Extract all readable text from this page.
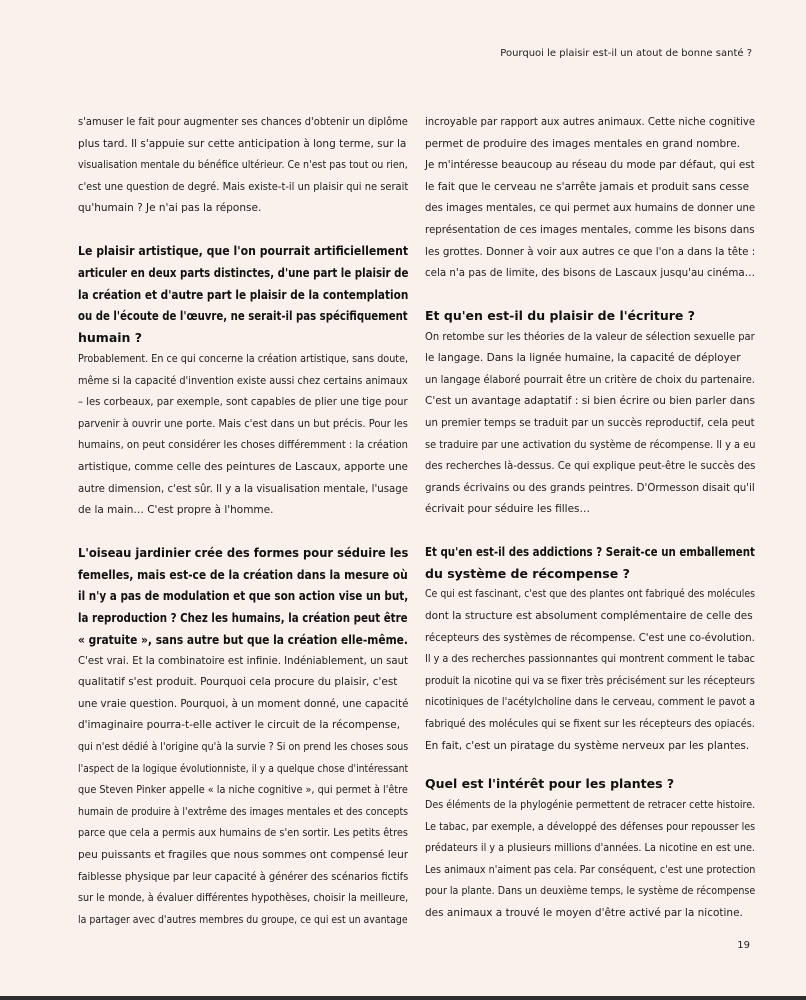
Pourquoi le plaisir est-il un atout de bonne santé ?
s'amuser le fait pour augmenter ses chances d'obtenir un diplôme
plus tard. Il s'appuie sur cette anticipation à long terme, sur la
visualisation mentale du bénéfice ultérieur. Ce n'est pas tout ou rien,
c'est une question de degré. Mais existe-t-il un plaisir qui ne serait
qu'humain ? Je n'ai pas la réponse.
Le plaisir artistique, que l'on pourrait artificiellement
articuler en deux parts distinctes, d'une part le plaisir de
la création et d'autre part le plaisir de la contemplation
ou de l'écoute de l'œuvre, ne serait-il pas spécifiquement
humain ?
Probablement. En ce qui concerne la création artistique, sans doute,
même si la capacité d'invention existe aussi chez certains animaux
– les corbeaux, par exemple, sont capables de plier une tige pour
parvenir à ouvrir une porte. Mais c'est dans un but précis. Pour les
humains, on peut considérer les choses différemment : la création
artistique, comme celle des peintures de Lascaux, apporte une
autre dimension, c'est sûr. Il y a la visualisation mentale, l'usage
de la main… C'est propre à l'homme.
L'oiseau jardinier crée des formes pour séduire les
femelles, mais est-ce de la création dans la mesure où
il n'y a pas de modulation et que son action vise un but,
la reproduction ? Chez les humains, la création peut être
« gratuite », sans autre but que la création elle-même.
C'est vrai. Et la combinatoire est infinie. Indéniablement, un saut
qualitatif s'est produit. Pourquoi cela procure du plaisir, c'est
une vraie question. Pourquoi, à un moment donné, une capacité
d'imaginaire pourra-t-elle activer le circuit de la récompense,
qui n'est dédié à l'origine qu'à la survie ? Si on prend les choses sous
l'aspect de la logique évolutionniste, il y a quelque chose d'intéressant
que Steven Pinker appelle « la niche cognitive », qui permet à l'être
humain de produire à l'extrême des images mentales et des concepts
parce que cela a permis aux humains de s'en sortir. Les petits êtres
peu puissants et fragiles que nous sommes ont compensé leur
faiblesse physique par leur capacité à générer des scénarios fictifs
sur le monde, à évaluer différentes hypothèses, choisir la meilleure,
la partager avec d'autres membres du groupe, ce qui est un avantage
incroyable par rapport aux autres animaux. Cette niche cognitive
permet de produire des images mentales en grand nombre.
Je m'intéresse beaucoup au réseau du mode par défaut, qui est
le fait que le cerveau ne s'arrête jamais et produit sans cesse
des images mentales, ce qui permet aux humains de donner une
représentation de ces images mentales, comme les bisons dans
les grottes. Donner à voir aux autres ce que l'on a dans la tête :
cela n'a pas de limite, des bisons de Lascaux jusqu'au cinéma…
Et qu'en est-il du plaisir de l'écriture ?
On retombe sur les théories de la valeur de sélection sexuelle par
le langage. Dans la lignée humaine, la capacité de déployer
un langage élaboré pourrait être un critère de choix du partenaire.
C'est un avantage adaptatif : si bien écrire ou bien parler dans
un premier temps se traduit par un succès reproductif, cela peut
se traduire par une activation du système de récompense. Il y a eu
des recherches là-dessus. Ce qui explique peut-être le succès des
grands écrivains ou des grands peintres. D'Ormesson disait qu'il
écrivait pour séduire les filles…
Et qu'en est-il des addictions ? Serait-ce un emballement
du système de récompense ?
Ce qui est fascinant, c'est que des plantes ont fabriqué des molécules
dont la structure est absolument complémentaire de celle des
récepteurs des systèmes de récompense. C'est une co-évolution.
Il y a des recherches passionnantes qui montrent comment le tabac
produit la nicotine qui va se fixer très précisément sur les récepteurs
nicotiniques de l'acétylcholine dans le cerveau, comment le pavot a
fabriqué des molécules qui se fixent sur les récepteurs des opiacés.
En fait, c'est un piratage du système nerveux par les plantes.
Quel est l'intérêt pour les plantes ?
Des éléments de la phylogénie permettent de retracer cette histoire.
Le tabac, par exemple, a développé des défenses pour repousser les
prédateurs il y a plusieurs millions d'années. La nicotine en est une.
Les animaux n'aiment pas cela. Par conséquent, c'est une protection
pour la plante. Dans un deuxième temps, le système de récompense
des animaux a trouvé le moyen d'être activé par la nicotine.
19
